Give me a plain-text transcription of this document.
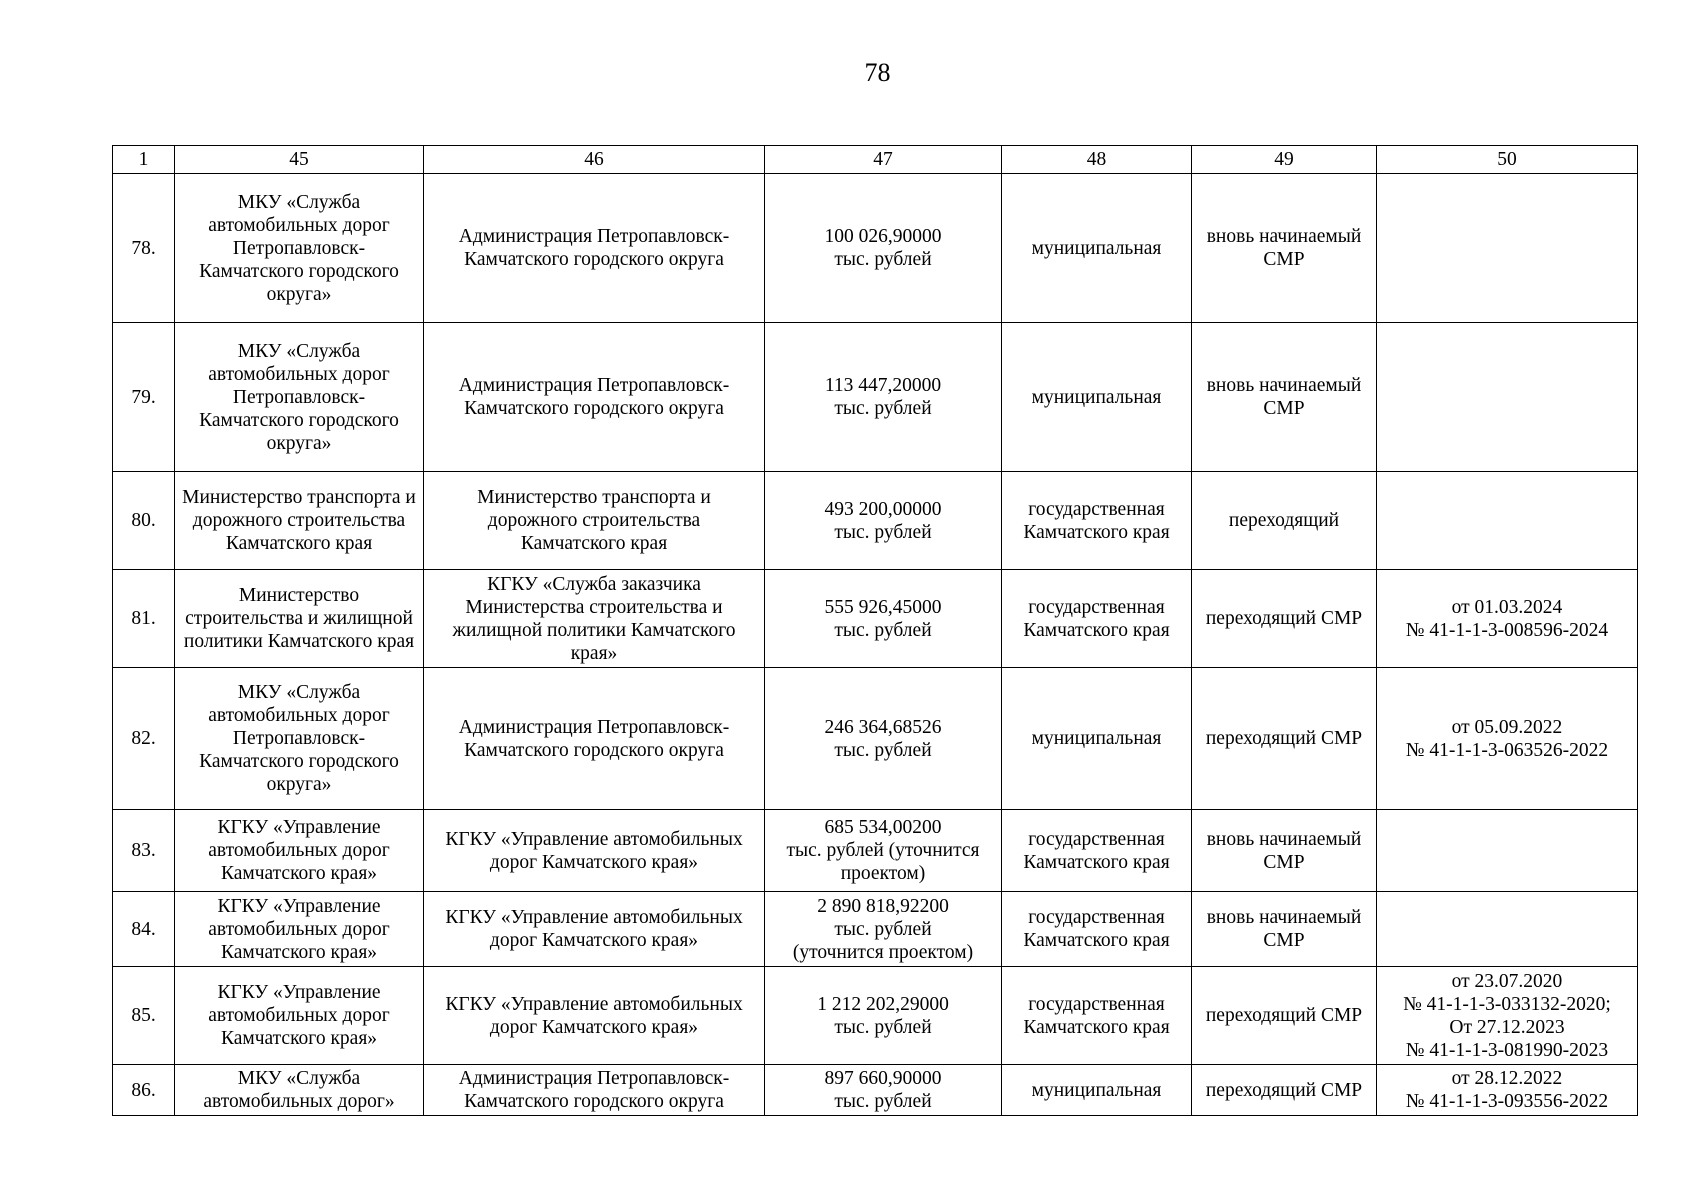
78
1	45	46	47	48	49	50
78.	МКУ «Служба
автомобильных дорог
Петропавловск-
Камчатского городского
округа»	Администрация Петропавловск-
Камчатского городского округа	100 026,90000
тыс. рублей	муниципальная	вновь начинаемый
СМР	
79.	МКУ «Служба
автомобильных дорог
Петропавловск-
Камчатского городского
округа»	Администрация Петропавловск-
Камчатского городского округа	113 447,20000
тыс. рублей	муниципальная	вновь начинаемый
СМР	
80.	Министерство транспорта и
дорожного строительства
Камчатского края	Министерство транспорта и
дорожного строительства
Камчатского края	493 200,00000
тыс. рублей	государственная
Камчатского края	переходящий	
81.	Министерство
строительства и жилищной
политики Камчатского края	КГКУ «Служба заказчика
Министерства строительства и
жилищной политики Камчатского
края»	555 926,45000
тыс. рублей	государственная
Камчатского края	переходящий СМР	от 01.03.2024
№ 41-1-1-3-008596-2024
82.	МКУ «Служба
автомобильных дорог
Петропавловск-
Камчатского городского
округа»	Администрация Петропавловск-
Камчатского городского округа	246 364,68526
тыс. рублей	муниципальная	переходящий СМР	от 05.09.2022
№ 41-1-1-3-063526-2022
83.	КГКУ «Управление
автомобильных дорог
Камчатского края»	КГКУ «Управление автомобильных
дорог Камчатского края»	685 534,00200
тыс. рублей (уточнится
проектом)	государственная
Камчатского края	вновь начинаемый
СМР	
84.	КГКУ «Управление
автомобильных дорог
Камчатского края»	КГКУ «Управление автомобильных
дорог Камчатского края»	2 890 818,92200
тыс. рублей
(уточнится проектом)	государственная
Камчатского края	вновь начинаемый
СМР	
85.	КГКУ «Управление
автомобильных дорог
Камчатского края»	КГКУ «Управление автомобильных
дорог Камчатского края»	1 212 202,29000
тыс. рублей	государственная
Камчатского края	переходящий СМР	от 23.07.2020
№ 41-1-1-3-033132-2020;
От 27.12.2023
№ 41-1-1-3-081990-2023
86.	МКУ «Служба
автомобильных дорог»	Администрация Петропавловск-
Камчатского городского округа	897 660,90000
тыс. рублей	муниципальная	переходящий СМР	от 28.12.2022
№ 41-1-1-3-093556-2022
